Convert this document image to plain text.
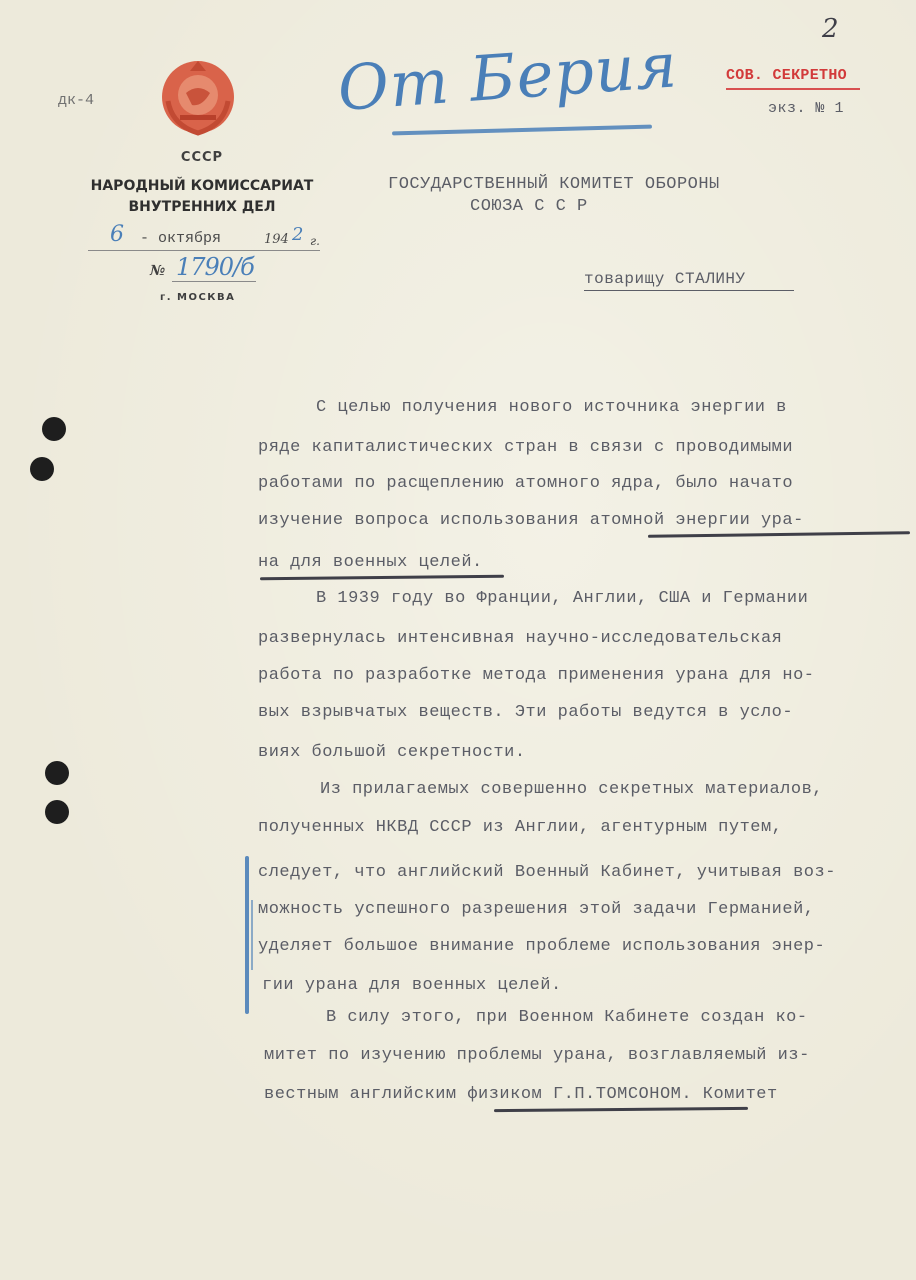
дк-4
СССР
НАРОДНЫЙ КОМИССАРИАТ
ВНУТРЕННИХ ДЕЛ
6 - октября	194 2 г.
№ 1790/б
г. МОСКВА
От Берия
ГОСУДАРСТВЕННЫЙ КОМИТЕТ ОБОРОНЫ
СОЮЗА С С Р
2
СОВ. СЕКРЕТНО
экз. № 1
товарищу СТАЛИНУ
С целью получения нового источника энергии в
ряде капиталистических стран в связи с проводимыми
работами по расщеплению атомного ядра, было начато
изучение вопроса использования атомной энергии ура-
на для военных целей.
В 1939 году во Франции, Англии, США и Германии
развернулась интенсивная научно-исследовательская
работа по разработке метода применения урана для но-
вых взрывчатых веществ. Эти работы ведутся в усло-
виях большой секретности.
Из прилагаемых совершенно секретных материалов,
полученных НКВД СССР из Англии, агентурным путем,
следует, что английский Военный Кабинет, учитывая воз-
можность успешного разрешения этой задачи Германией,
уделяет большое внимание проблеме использования энер-
гии урана для военных целей.
В силу этого, при Военном Кабинете создан ко-
митет по изучению проблемы урана, возглавляемый из-
вестным английским физиком Г.П.ТОМСОНОМ. Комитет
